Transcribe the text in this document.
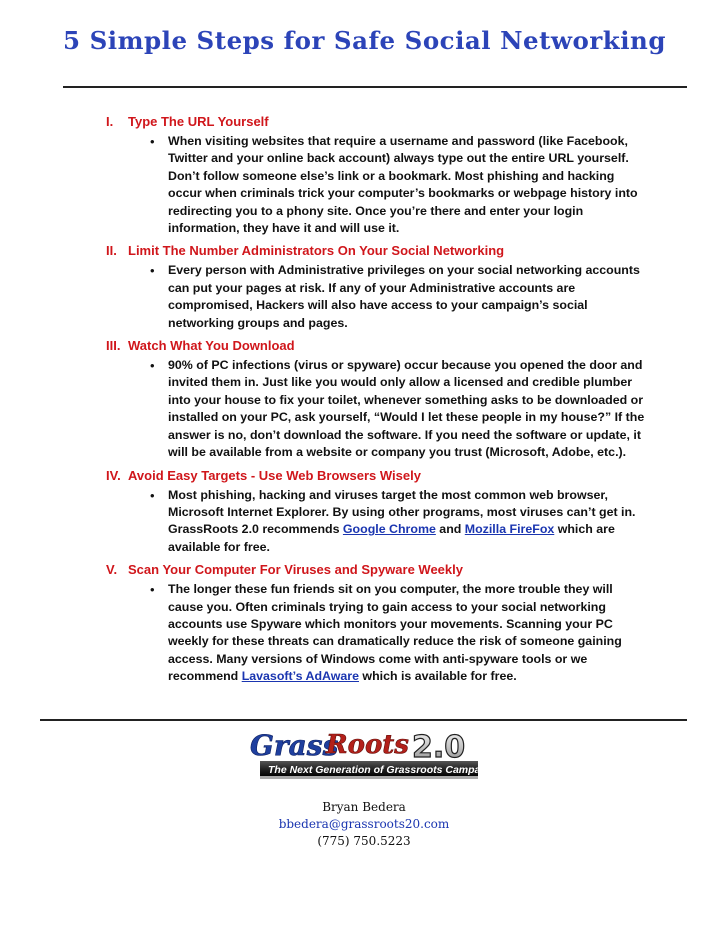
5 Simple Steps for Safe Social Networking
I.	Type The URL Yourself
•	When visiting websites that require a username and password (like Facebook, Twitter and your online back account) always type out the entire URL yourself. Don’t follow someone else’s link or a bookmark. Most phishing and hacking occur when criminals trick your computer’s bookmarks or webpage history into redirecting you to a phony site. Once you’re there and enter your login information, they have it and will use it.
II. Limit The Number Administrators On Your Social Networking
•	Every person with Administrative privileges on your social networking accounts can put your pages at risk. If any of your Administrative accounts are compromised, Hackers will also have access to your campaign’s social networking groups and pages.
III. Watch What You Download
•	90% of PC infections (virus or spyware) occur because you opened the door and invited them in. Just like you would only allow a licensed and credible plumber into your house to fix your toilet, whenever something asks to be downloaded or installed on your PC, ask yourself, “Would I let these people in my house?” If the answer is no, don’t download the software. If you need the software or update, it will be available from a website or company you trust (Microsoft, Adobe, etc.).
IV. Avoid Easy Targets - Use Web Browsers Wisely
•	Most phishing, hacking and viruses target the most common web browser, Microsoft Internet Explorer. By using other programs, most viruses can’t get in. GrassRoots 2.0 recommends Google Chrome and Mozilla FireFox which are available for free.
V. Scan Your Computer For Viruses and Spyware Weekly
•	The longer these fun friends sit on you computer, the more trouble they will cause you. Often criminals trying to gain access to your social networking accounts use Spyware which monitors your movements. Scanning your PC weekly for these threats can dramatically reduce the risk of someone gaining access. Many versions of Windows come with anti-spyware tools or we recommend Lavasoft’s AdAware which is available for free.
Grass
Roots 2.0
The Next Generation of Grassroots Campaigning
Bryan Bedera
bbedera@grassroots20.com
(775) 750.5223
